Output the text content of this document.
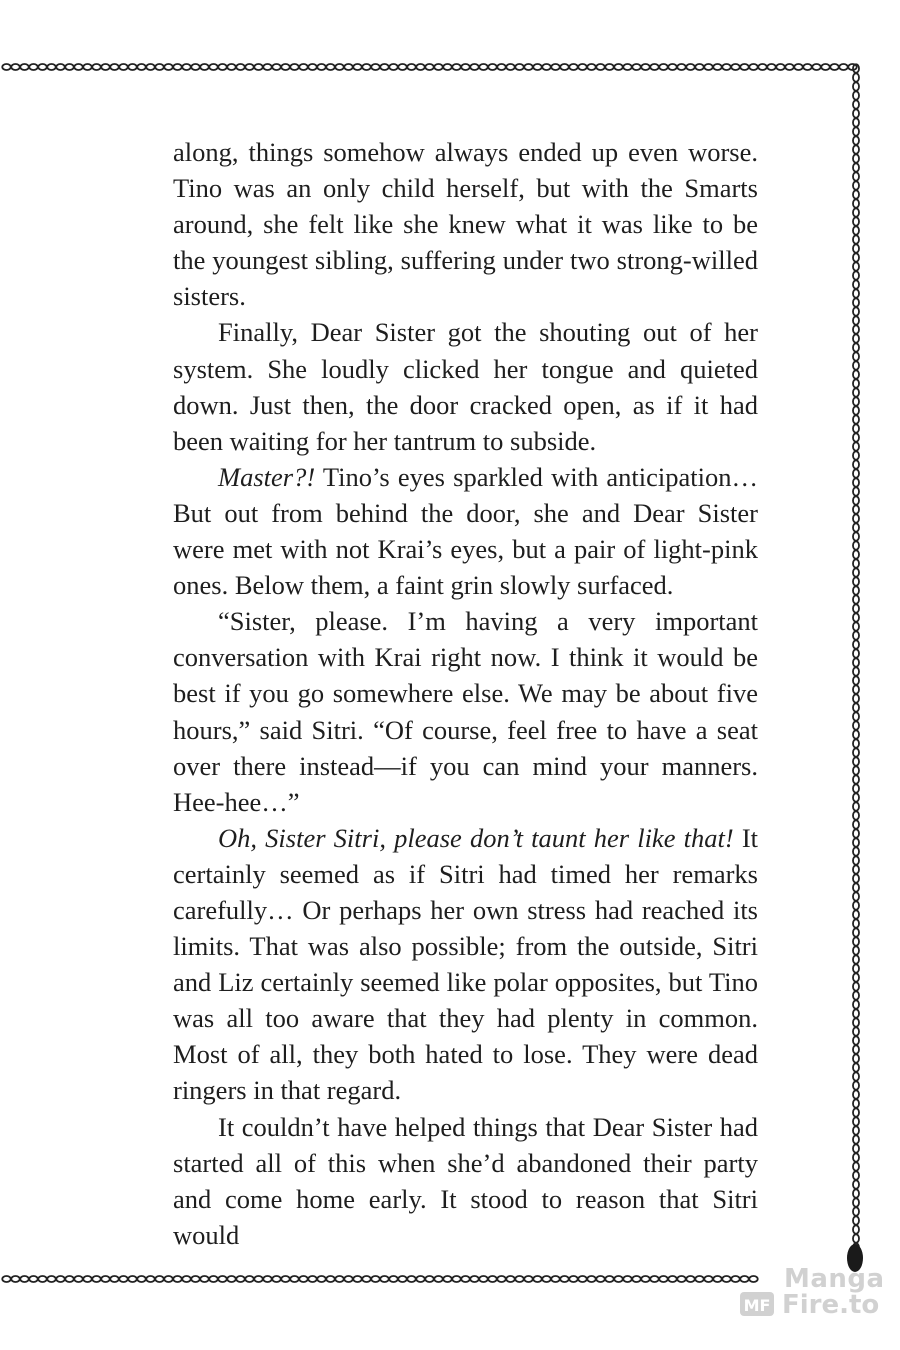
along, things somehow always ended up even worse. Tino was an only child herself, but with the Smarts around, she felt like she knew what it was like to be the youngest sibling, suffering under two strong-willed sisters.

Finally, Dear Sister got the shouting out of her system. She loudly clicked her tongue and quieted down. Just then, the door cracked open, as if it had been waiting for her tantrum to subside.

Master?! Tino’s eyes sparkled with anticipation… But out from behind the door, she and Dear Sister were met with not Krai’s eyes, but a pair of light-pink ones. Below them, a faint grin slowly surfaced.

“Sister, please. I’m having a very important conversation with Krai right now. I think it would be best if you go somewhere else. We may be about five hours,” said Sitri. “Of course, feel free to have a seat over there instead—if you can mind your manners. Hee-hee…”

Oh, Sister Sitri, please don’t taunt her like that! It certainly seemed as if Sitri had timed her remarks carefully… Or perhaps her own stress had reached its limits. That was also possible; from the outside, Sitri and Liz certainly seemed like polar opposites, but Tino was all too aware that they had plenty in common. Most of all, they both hated to lose. They were dead ringers in that regard.

It couldn’t have helped things that Dear Sister had started all of this when she’d abandoned their party and come home early. It stood to reason that Sitri would

MF
Manga
Fire.to
